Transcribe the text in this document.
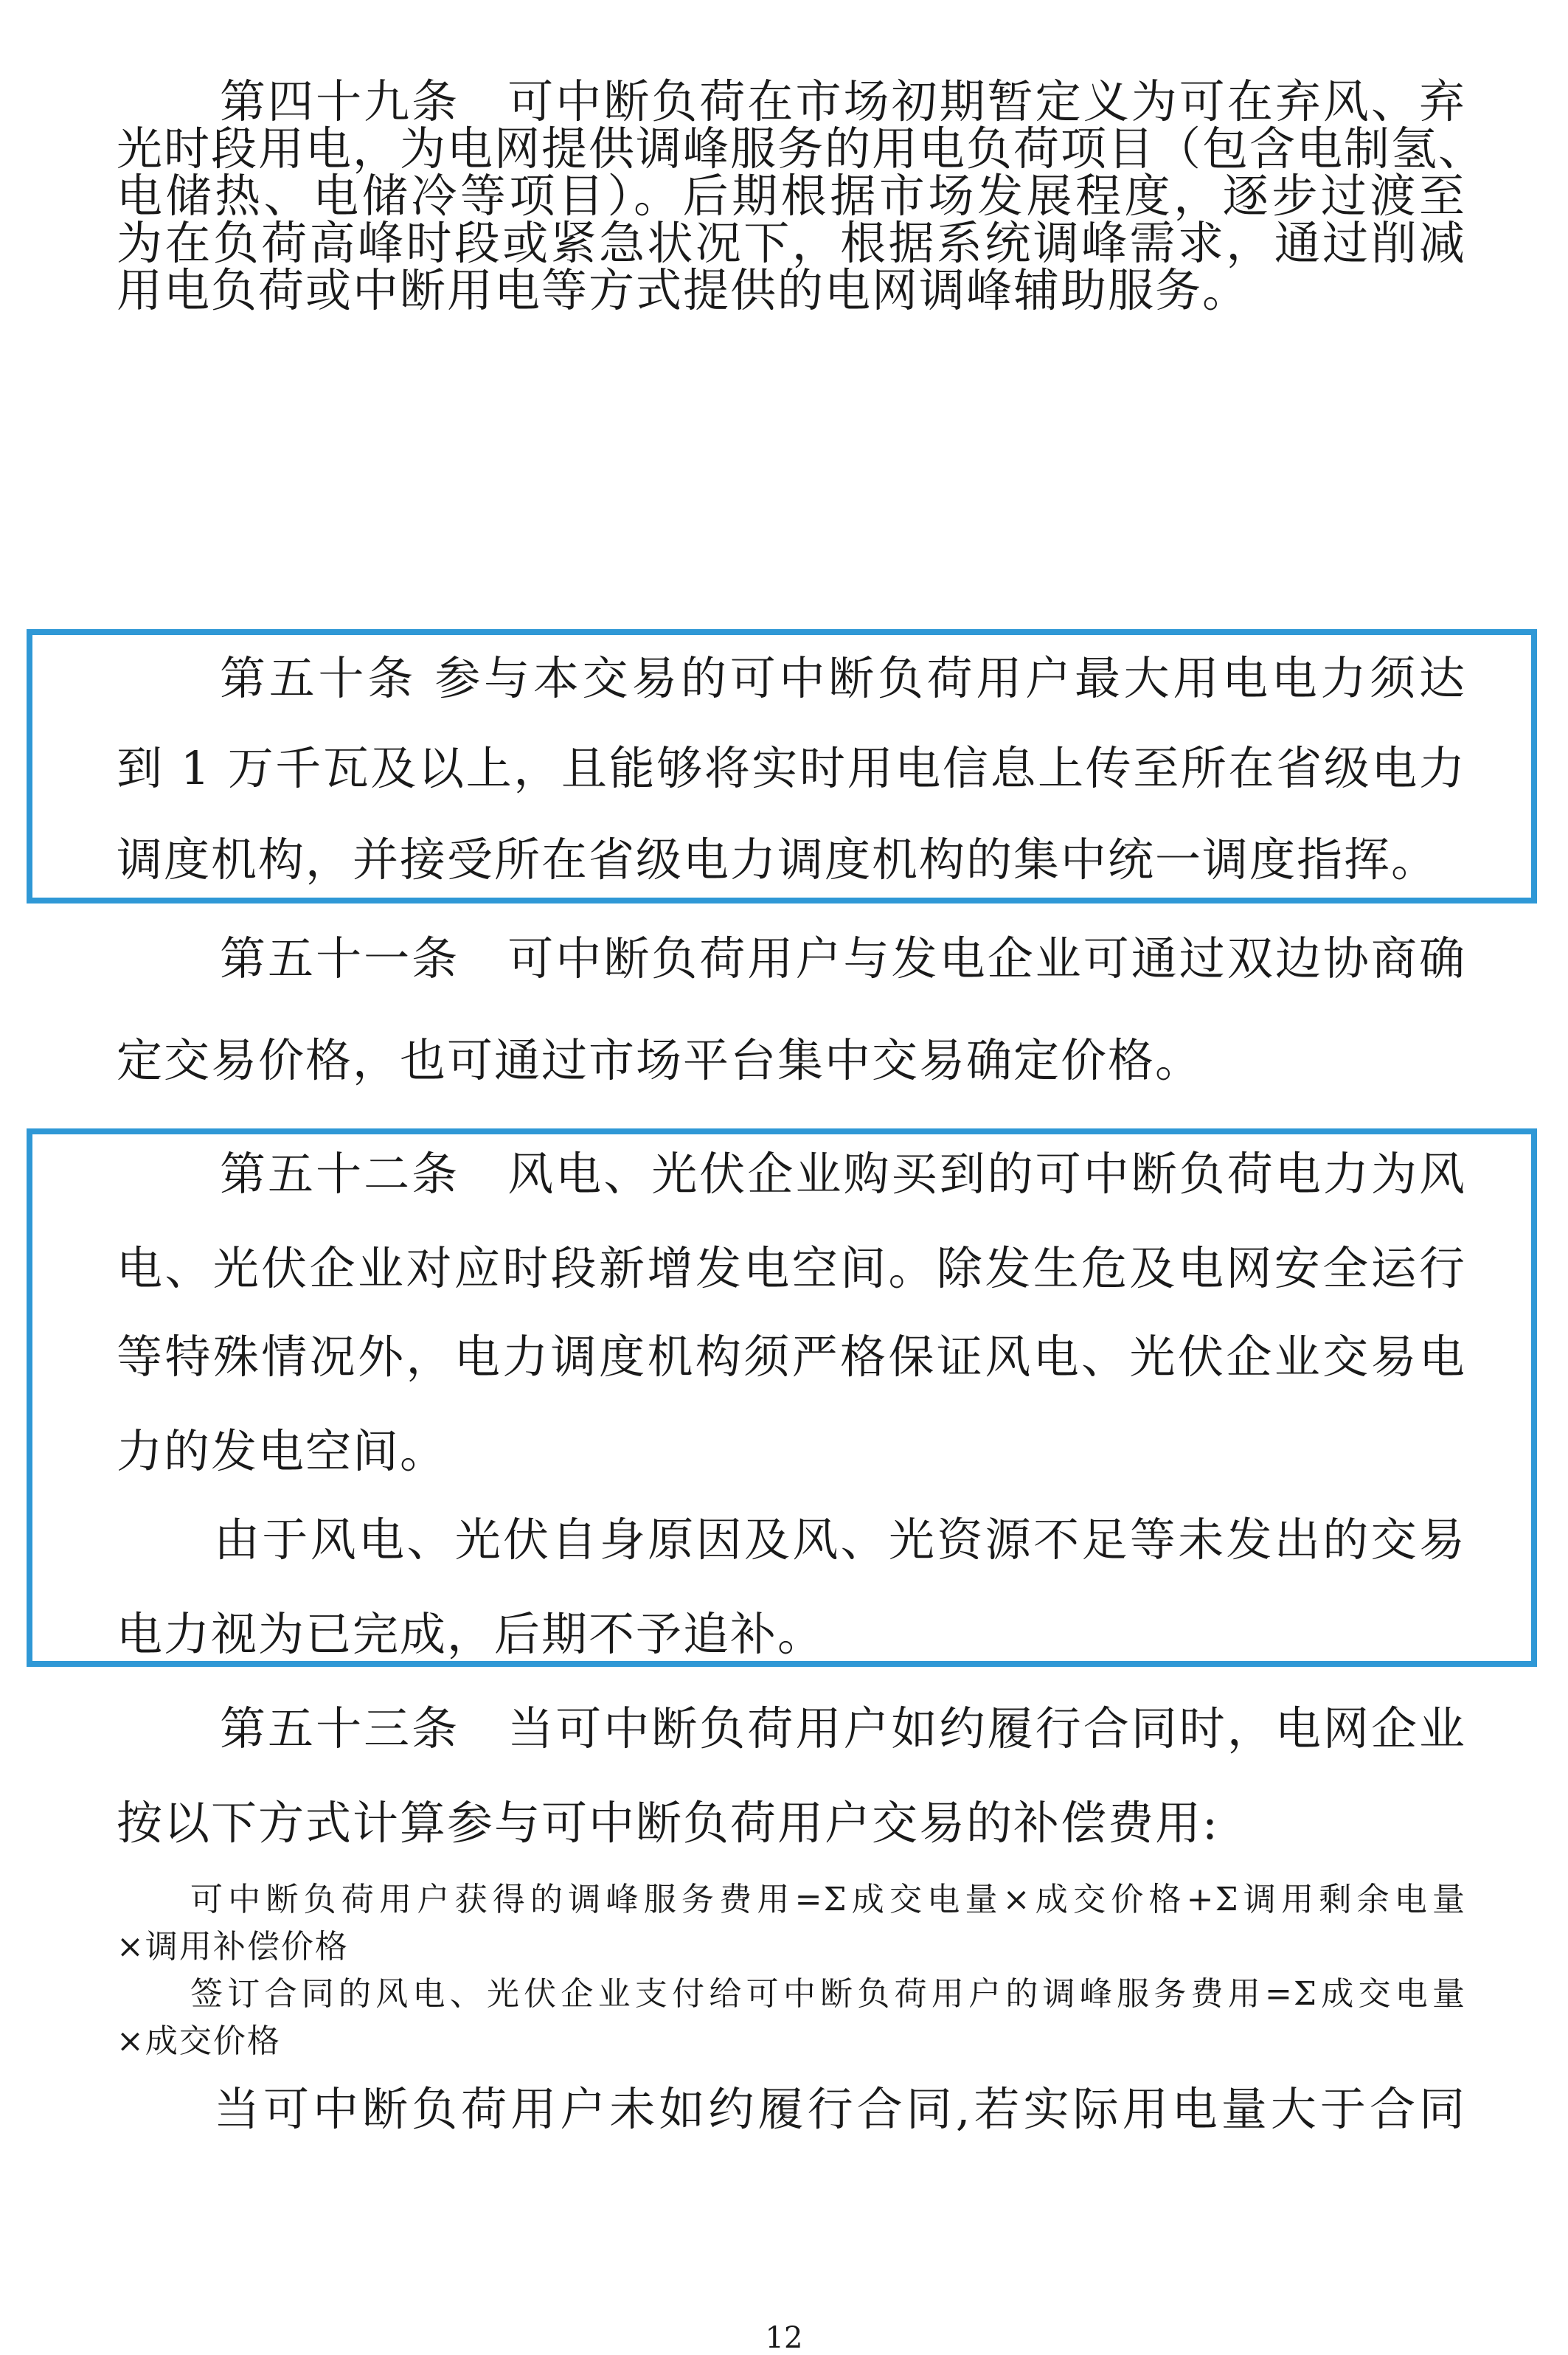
第四十九条　可中断负荷在市场初期暂定义为可在弃风、弃
光时段用电，为电网提供调峰服务的用电负荷项目（包含电制氢、
电储热、电储冷等项目）。后期根据市场发展程度，逐步过渡至
为在负荷高峰时段或紧急状况下，根据系统调峰需求，通过削减
用电负荷或中断用电等方式提供的电网调峰辅助服务。
第五十条 参与本交易的可中断负荷用户最大用电电力须达
到 1 万千瓦及以上，且能够将实时用电信息上传至所在省级电力
调度机构，并接受所在省级电力调度机构的集中统一调度指挥。
第五十一条　可中断负荷用户与发电企业可通过双边协商确
定交易价格，也可通过市场平台集中交易确定价格。
第五十二条　风电、光伏企业购买到的可中断负荷电力为风
电、光伏企业对应时段新增发电空间。除发生危及电网安全运行
等特殊情况外，电力调度机构须严格保证风电、光伏企业交易电
力的发电空间。
由于风电、光伏自身原因及风、光资源不足等未发出的交易
电力视为已完成，后期不予追补。
第五十三条　当可中断负荷用户如约履行合同时，电网企业
按以下方式计算参与可中断负荷用户交易的补偿费用:
可中断负荷用户获得的调峰服务费用=Σ成交电量×成交价格+Σ调用剩余电量
×调用补偿价格
签订合同的风电、光伏企业支付给可中断负荷用户的调峰服务费用=Σ成交电量
×成交价格
当可中断负荷用户未如约履行合同,若实际用电量大于合同
12
